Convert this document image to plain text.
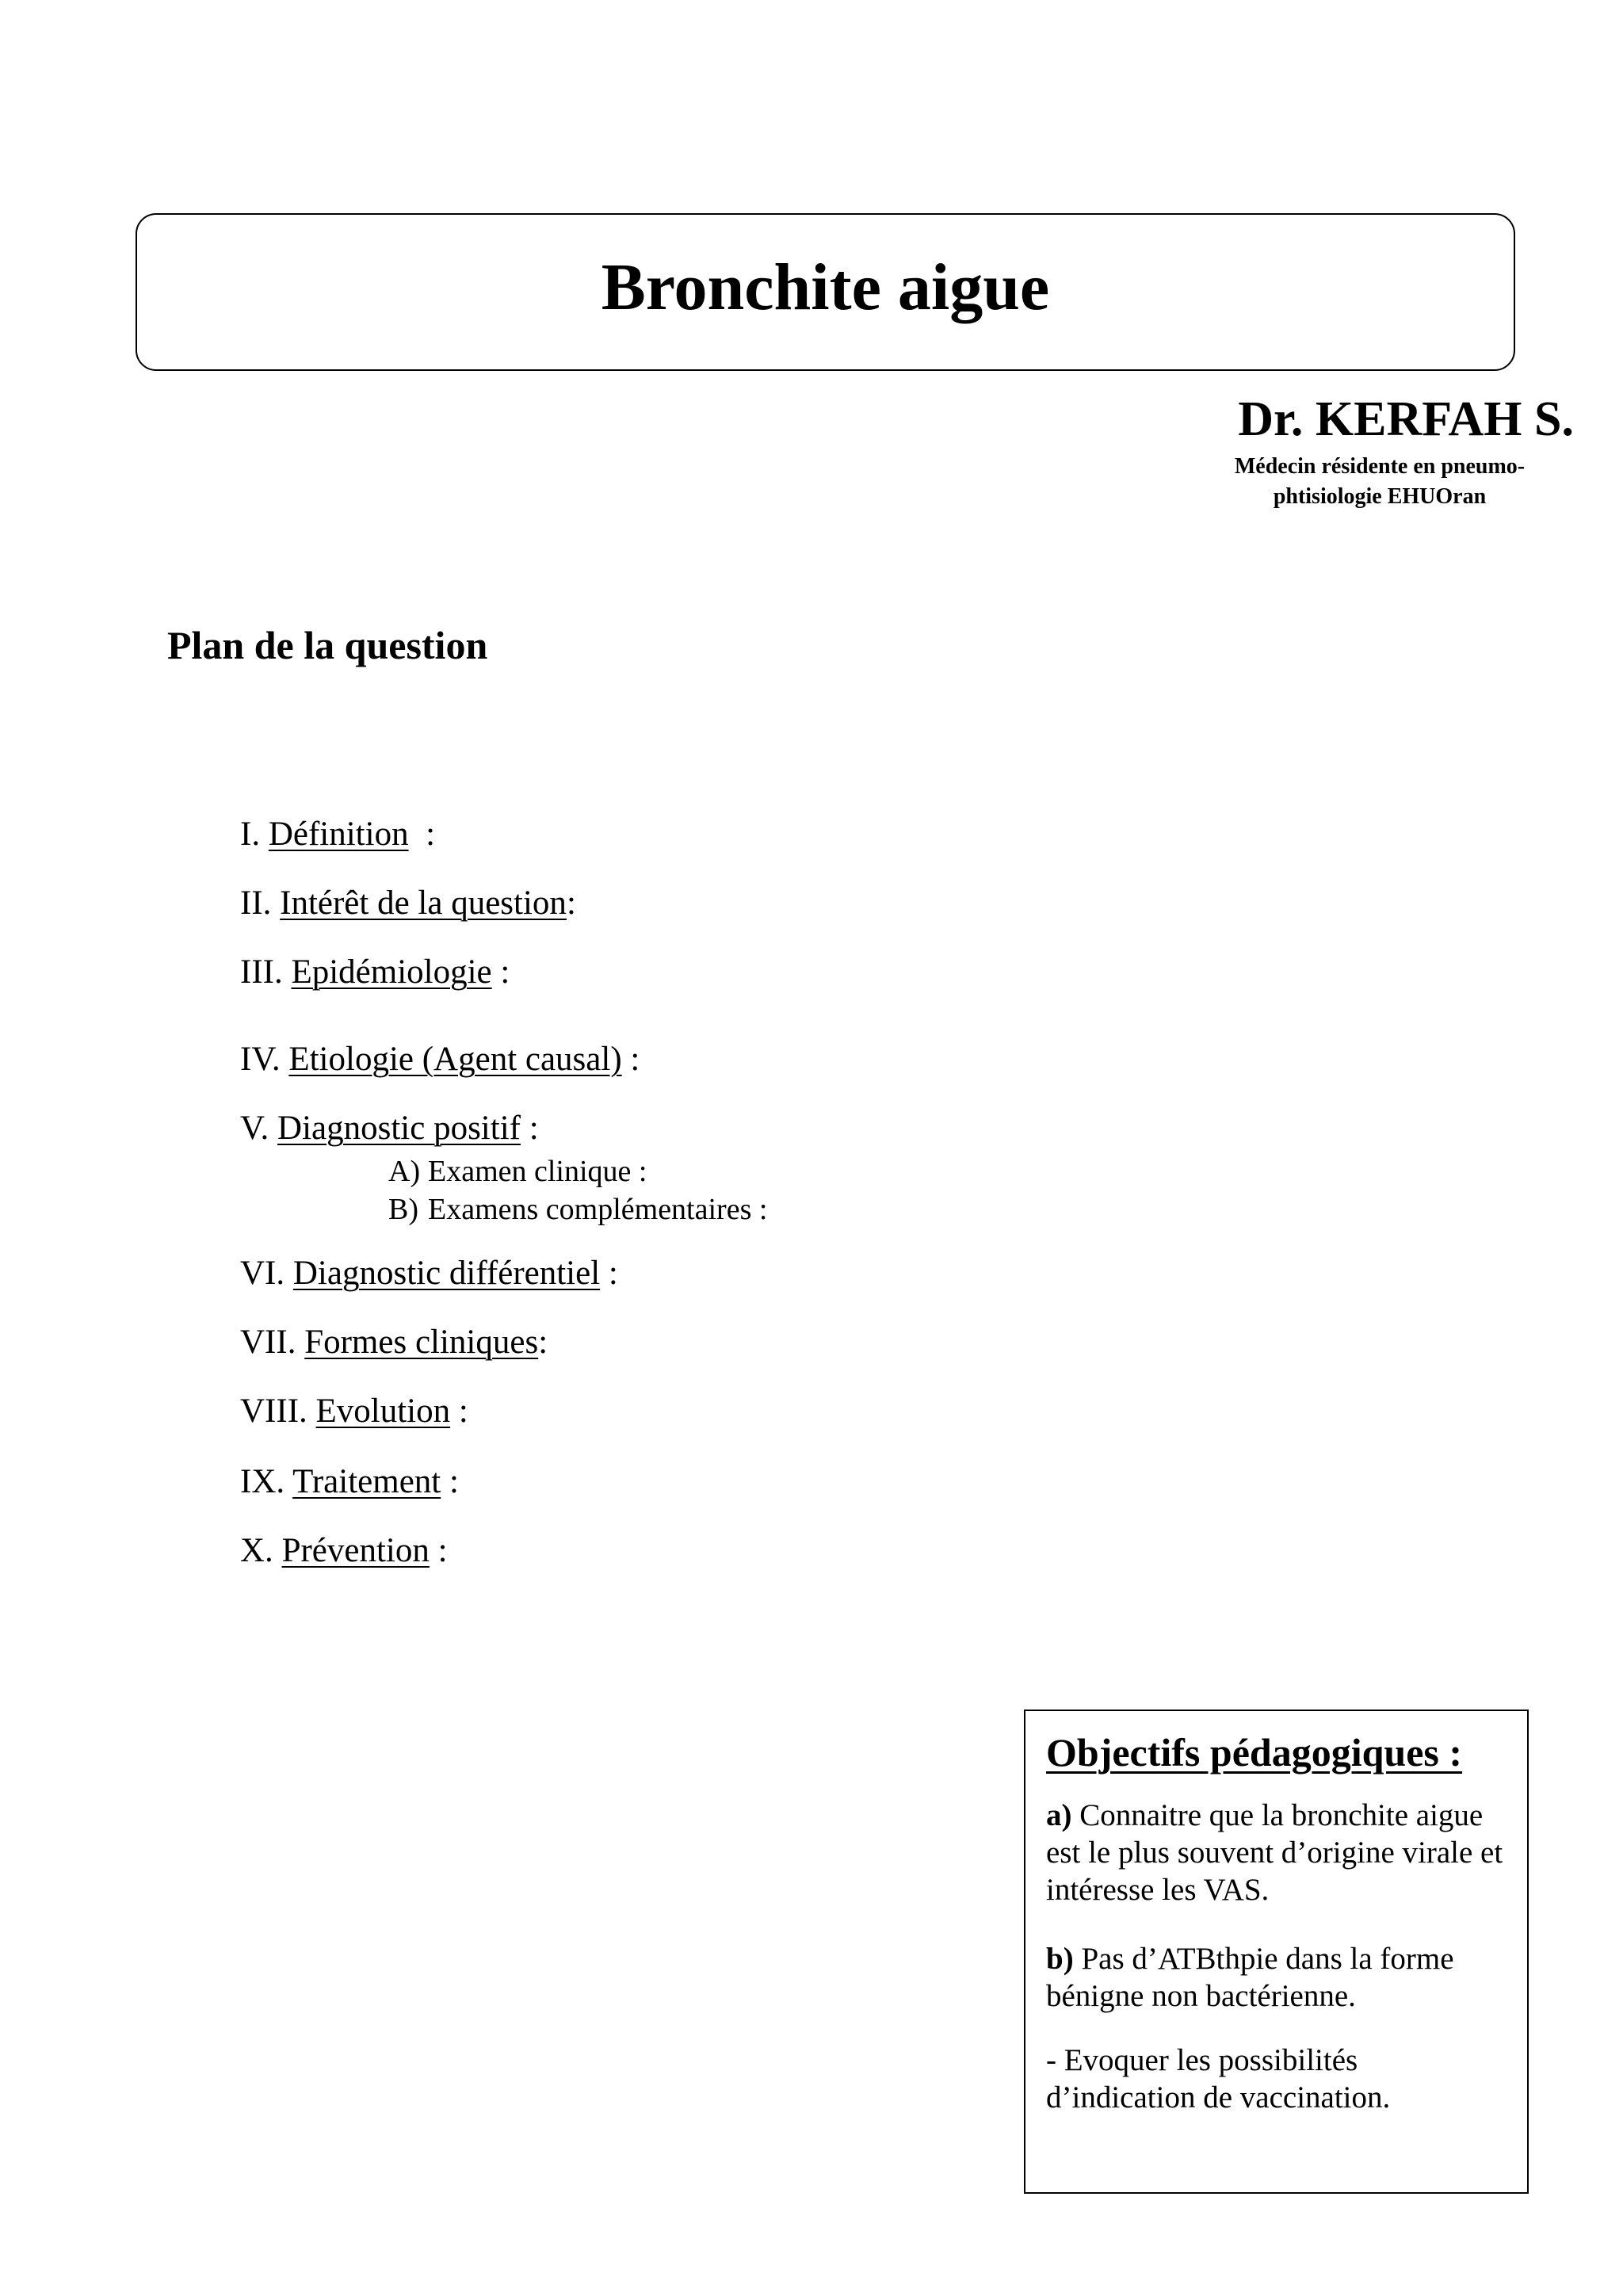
Bronchite aigue
Dr. KERFAH S.
Médecin résidente en pneumo-
phtisiologie EHUOran
Plan de la question
I. Définition  :
II. Intérêt de la question:
III. Epidémiologie :
IV. Etiologie (Agent causal) :
V. Diagnostic positif :
A) Examen clinique :
B) Examens complémentaires :
VI. Diagnostic différentiel :
VII. Formes cliniques:
VIII. Evolution :
IX. Traitement :
X. Prévention :
Objectifs pédagogiques :

a) Connaitre que la bronchite aigue est le plus souvent d’origine virale et intéresse les VAS.

b) Pas d’ATBthpie dans la forme bénigne non bactérienne.

- Evoquer les possibilités d’indication de vaccination.
